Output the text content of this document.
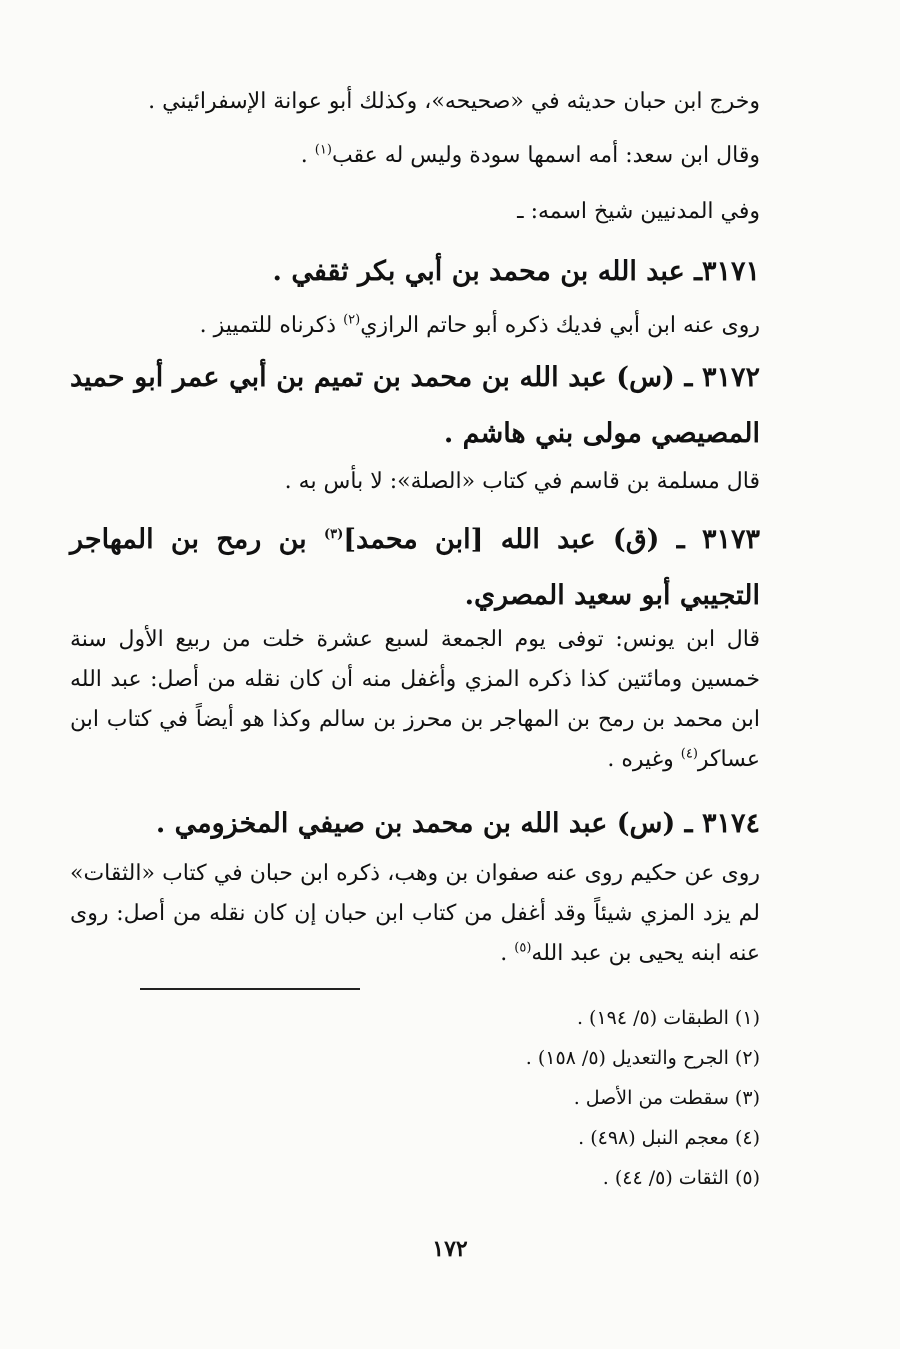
وخرج ابن حبان حديثه في «صحيحه»، وكذلك أبو عوانة الإسفرائيني .
وقال ابن سعد: أمه اسمها سودة وليس له عقب$^{(١)}$ .
وفي المدنيين شيخ اسمه: ـ
٣١٧١ـ عبد الله بن محمد بن أبي بكر ثقفي .
روى عنه ابن أبي فديك ذكره أبو حاتم الرازي$^{(٢)}$ ذكرناه للتمييز .
٣١٧٢ ـ (س) عبد الله بن محمد بن تميم بن أبي عمر أبو حميد المصيصي مولى بني هاشم .
قال مسلمة بن قاسم في كتاب «الصلة»: لا بأس به .
٣١٧٣ ـ (ق) عبد الله [ابن محمد]$^{(٣)}$ بن رمح بن المهاجر التجيبي أبو سعيد المصري.
قال ابن يونس: توفى يوم الجمعة لسبع عشرة خلت من ربيع الأول سنة خمسين ومائتين كذا ذكره المزي وأغفل منه أن كان نقله من أصل: عبد الله ابن محمد بن رمح بن المهاجر بن محرز بن سالم وكذا هو أيضاً في كتاب ابن عساكر$^{(٤)}$ وغيره .
٣١٧٤ ـ (س) عبد الله بن محمد بن صيفي المخزومي .
روى عن حكيم روى عنه صفوان بن وهب، ذكره ابن حبان في كتاب «الثقات» لم يزد المزي شيئاً وقد أغفل من كتاب ابن حبان إن كان نقله من أصل: روى عنه ابنه يحيى بن عبد الله$^{(٥)}$ .
(١) الطبقات (٥/ ١٩٤) .
(٢) الجرح والتعديل (٥/ ١٥٨) .
(٣) سقطت من الأصل .
(٤) معجم النبل (٤٩٨) .
(٥) الثقات (٥/ ٤٤) .
١٧٢
